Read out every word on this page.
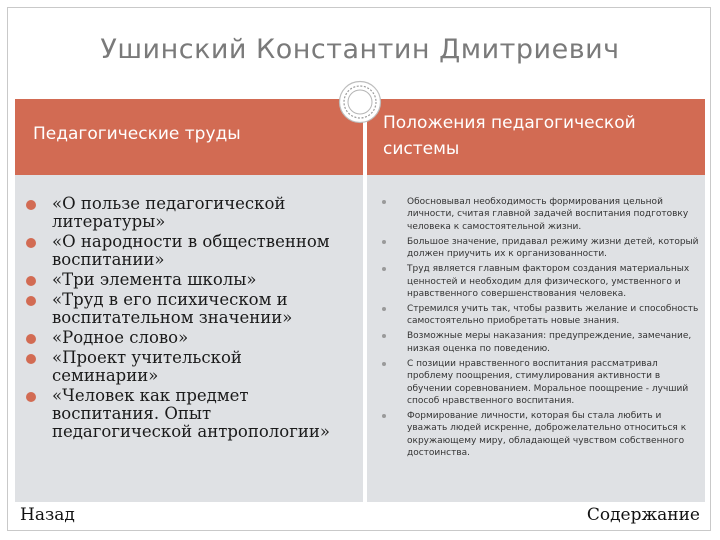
Ушинский Константин Дмитриевич
Педагогические труды
Положения педагогической системы
«О пользе педагогической литературы»
«О народности в общественном воспитании»
«Три элемента школы»
«Труд в его психическом и воспитательном значении»
«Родное слово»
«Проект учительской семинарии»
«Человек как предмет воспитания. Опыт педагогической антропологии»
Обосновывал необходимость формирования цельной личности, считая главной задачей воспитания подготовку человека к самостоятельной жизни.
Большое значение, придавал режиму жизни детей, который должен приучить их к организованности.
Труд является главным фактором создания материальных ценностей и необходим для физического, умственного и нравственного совершенствования человека.
Стремился учить так, чтобы развить желание и способность самостоятельно приобретать новые знания.
Возможные меры наказания: предупреждение, замечание, низкая оценка по поведению.
С позиции нравственного воспитания рассматривал проблему поощрения, стимулирования активности в обучении соревнованием. Моральное поощрение - лучший способ нравственного воспитания.
Формирование личности, которая бы стала любить и уважать людей искренне, доброжелательно относиться к окружающему миру, обладающей чувством собственного достоинства.
Назад	Содержание
